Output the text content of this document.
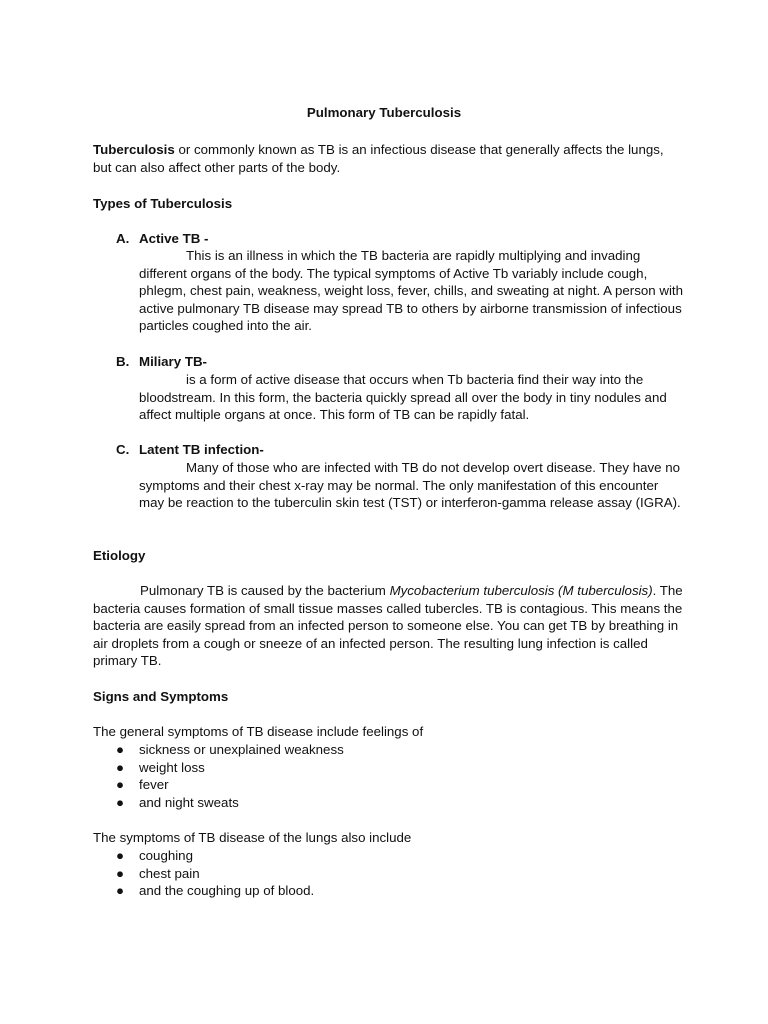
Pulmonary Tuberculosis

Tuberculosis or commonly known as TB is an infectious disease that generally affects the lungs, but can also affect other parts of the body.

Types of Tuberculosis
A. Active TB -

This is an illness in which the TB bacteria are rapidly multiplying and invading different organs of the body. The typical symptoms of Active Tb variably include cough, phlegm, chest pain, weakness, weight loss, fever, chills, and sweating at night. A person with active pulmonary TB disease may spread TB to others by airborne transmission of infectious particles coughed into the air.

B. Miliary TB-

is a form of active disease that occurs when Tb bacteria find their way into the bloodstream. In this form, the bacteria quickly spread all over the body in tiny nodules and affect multiple organs at once. This form of TB can be rapidly fatal.

C. Latent TB infection-

Many of those who are infected with TB do not develop overt disease. They have no symptoms and their chest x-ray may be normal. The only manifestation of this encounter may be reaction to the tuberculin skin test (TST) or interferon-gamma release assay (IGRA).

Etiology

Pulmonary TB is caused by the bacterium Mycobacterium tuberculosis (M tuberculosis). The bacteria causes formation of small tissue masses called tubercles. TB is contagious. This means the bacteria are easily spread from an infected person to someone else. You can get TB by breathing in air droplets from a cough or sneeze of an infected person. The resulting lung infection is called primary TB.

Signs and Symptoms
The general symptoms of TB disease include feelings of
● sickness or unexplained weakness
● weight loss
● fever
● and night sweats
The symptoms of TB disease of the lungs also include
● coughing
● chest pain
● and the coughing up of blood.
